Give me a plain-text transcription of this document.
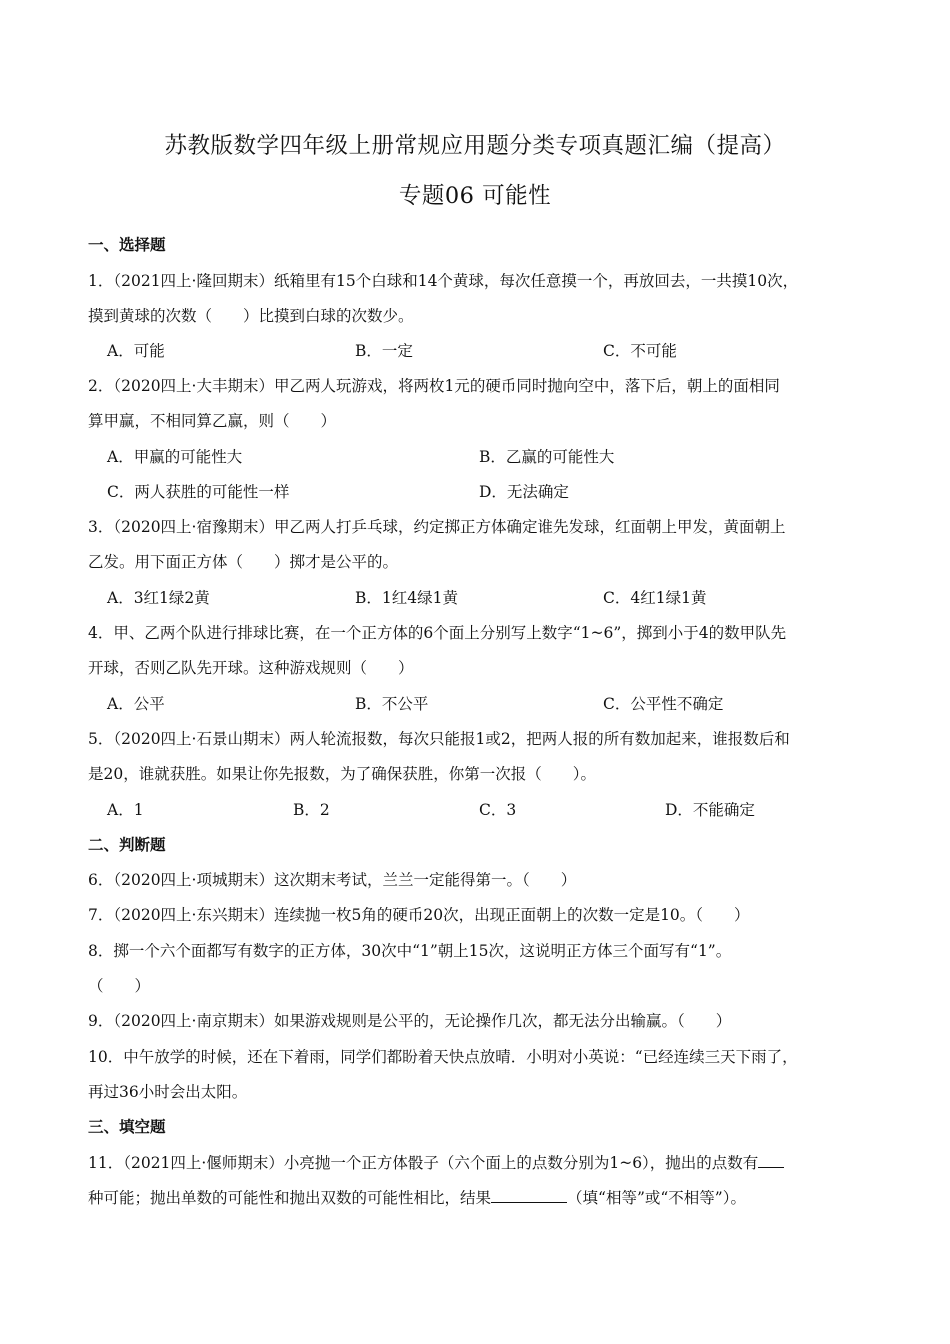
苏教版数学四年级上册常规应用题分类专项真题汇编（提高）
专题06 可能性
一、选择题
1．（2021四上·隆回期末）纸箱里有15个白球和14个黄球，每次任意摸一个，再放回去，一共摸10次，
摸到黄球的次数（　　）比摸到白球的次数少。
A．可能	B．一定	C．不可能
2．（2020四上·大丰期末）甲乙两人玩游戏，将两枚1元的硬币同时抛向空中，落下后，朝上的面相同
算甲赢，不相同算乙赢，则（　　）
A．甲赢的可能性大	B．乙赢的可能性大
C．两人获胜的可能性一样	D．无法确定
3．（2020四上·宿豫期末）甲乙两人打乒乓球，约定掷正方体确定谁先发球，红面朝上甲发，黄面朝上
乙发。用下面正方体（　　）掷才是公平的。
A．3红1绿2黄	B．1红4绿1黄	C．4红1绿1黄
4．甲、乙两个队进行排球比赛，在一个正方体的6个面上分别写上数字“1~6”，掷到小于4的数甲队先
开球，否则乙队先开球。这种游戏规则（　　）
A．公平	B．不公平	C．公平性不确定
5．（2020四上·石景山期末）两人轮流报数，每次只能报1或2，把两人报的所有数加起来，谁报数后和
是20，谁就获胜。如果让你先报数，为了确保获胜，你第一次报（　　）。
A．1	B．2	C．3	D．不能确定
二、判断题
6．（2020四上·项城期末）这次期末考试，兰兰一定能得第一。（　　）
7．（2020四上·东兴期末）连续抛一枚5角的硬币20次，出现正面朝上的次数一定是10。（　　）
8．掷一个六个面都写有数字的正方体，30次中“1”朝上15次，这说明正方体三个面写有“1”。
（　　）
9．（2020四上·南京期末）如果游戏规则是公平的，无论操作几次，都无法分出输赢。（　　）
10．中午放学的时候，还在下着雨，同学们都盼着天快点放晴．小明对小英说：“已经连续三天下雨了，
再过36小时会出太阳。
三、填空题
11．（2021四上·偃师期末）小亮抛一个正方体骰子（六个面上的点数分别为1~6），抛出的点数有
种可能；抛出单数的可能性和抛出双数的可能性相比，结果	（填“相等”或“不相等”）。
